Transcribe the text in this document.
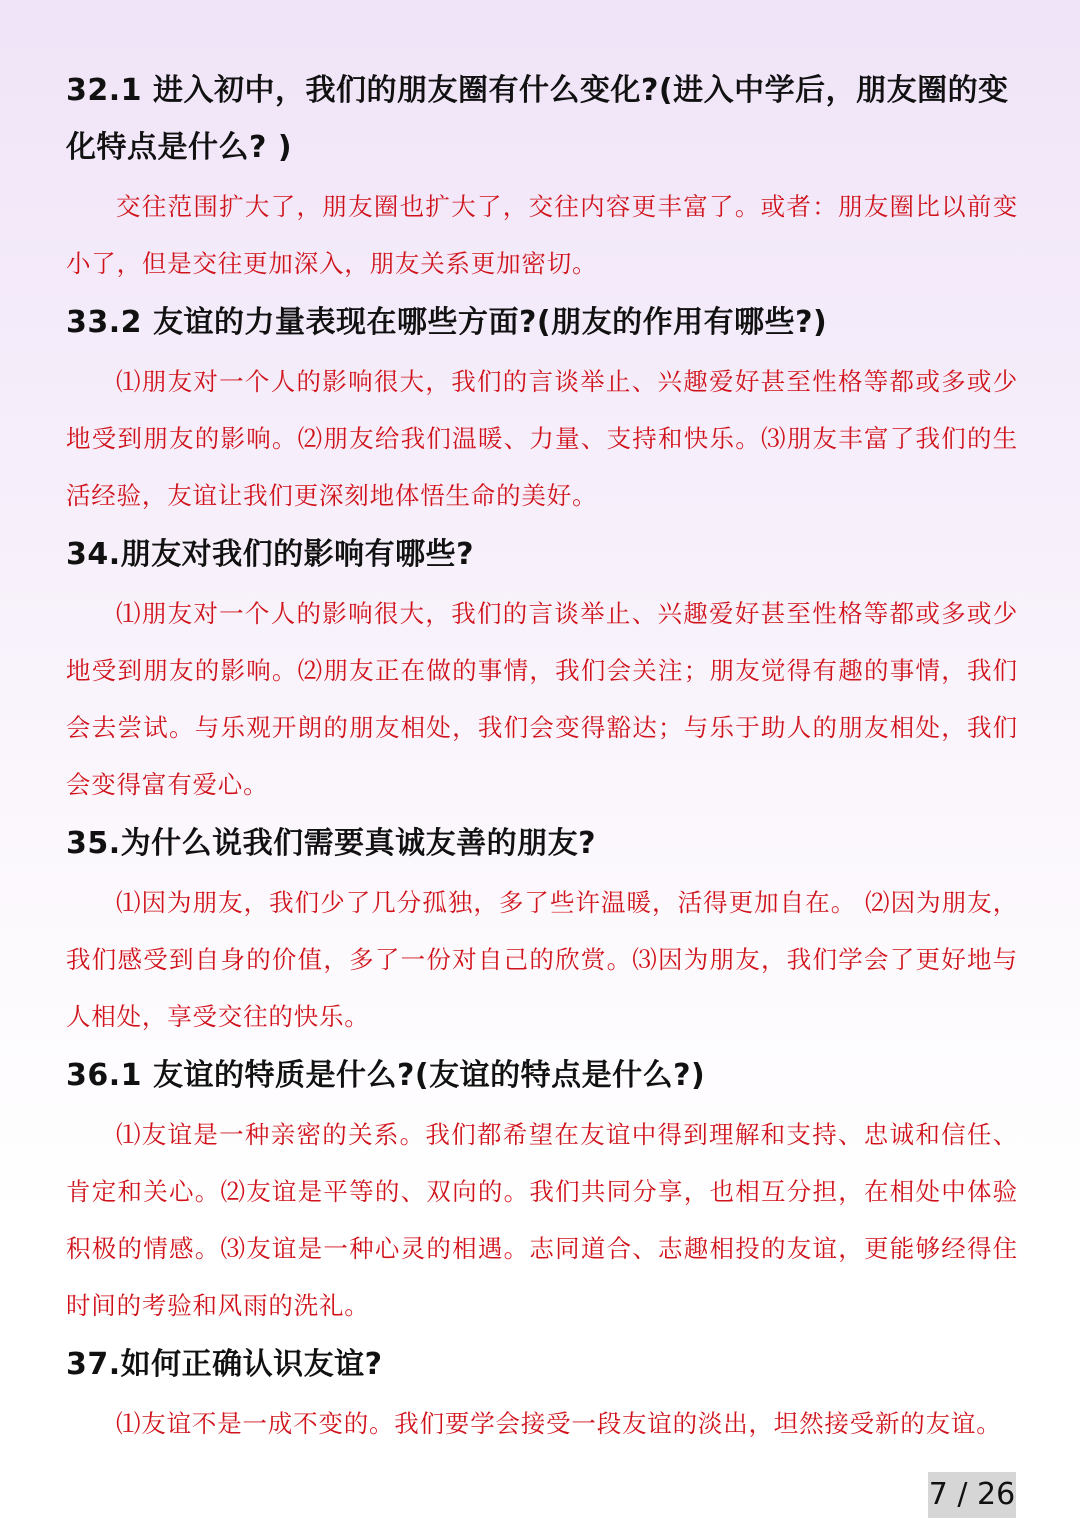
32.1 进入初中，我们的朋友圈有什么变化?(进入中学后，朋友圈的变化特点是什么? )

交往范围扩大了，朋友圈也扩大了，交往内容更丰富了。或者：朋友圈比以前变小了，但是交往更加深入，朋友关系更加密切。

33.2 友谊的力量表现在哪些方面?(朋友的作用有哪些?)

⑴朋友对一个人的影响很大，我们的言谈举止、兴趣爱好甚至性格等都或多或少地受到朋友的影响。⑵朋友给我们温暖、力量、支持和快乐。⑶朋友丰富了我们的生活经验，友谊让我们更深刻地体悟生命的美好。

34.朋友对我们的影响有哪些?

⑴朋友对一个人的影响很大，我们的言谈举止、兴趣爱好甚至性格等都或多或少地受到朋友的影响。⑵朋友正在做的事情，我们会关注；朋友觉得有趣的事情，我们会去尝试。与乐观开朗的朋友相处，我们会变得豁达；与乐于助人的朋友相处，我们会变得富有爱心。

35.为什么说我们需要真诚友善的朋友?

⑴因为朋友，我们少了几分孤独，多了些许温暖，活得更加自在。 ⑵因为朋友，我们感受到自身的价值，多了一份对自己的欣赏。⑶因为朋友，我们学会了更好地与人相处，享受交往的快乐。

36.1 友谊的特质是什么?(友谊的特点是什么?)

⑴友谊是一种亲密的关系。我们都希望在友谊中得到理解和支持、忠诚和信任、肯定和关心。⑵友谊是平等的、双向的。我们共同分享，也相互分担，在相处中体验积极的情感。⑶友谊是一种心灵的相遇。志同道合、志趣相投的友谊，更能够经得住时间的考验和风雨的洗礼。

37.如何正确认识友谊?

⑴友谊不是一成不变的。我们要学会接受一段友谊的淡出，坦然接受新的友谊。

7 / 26
